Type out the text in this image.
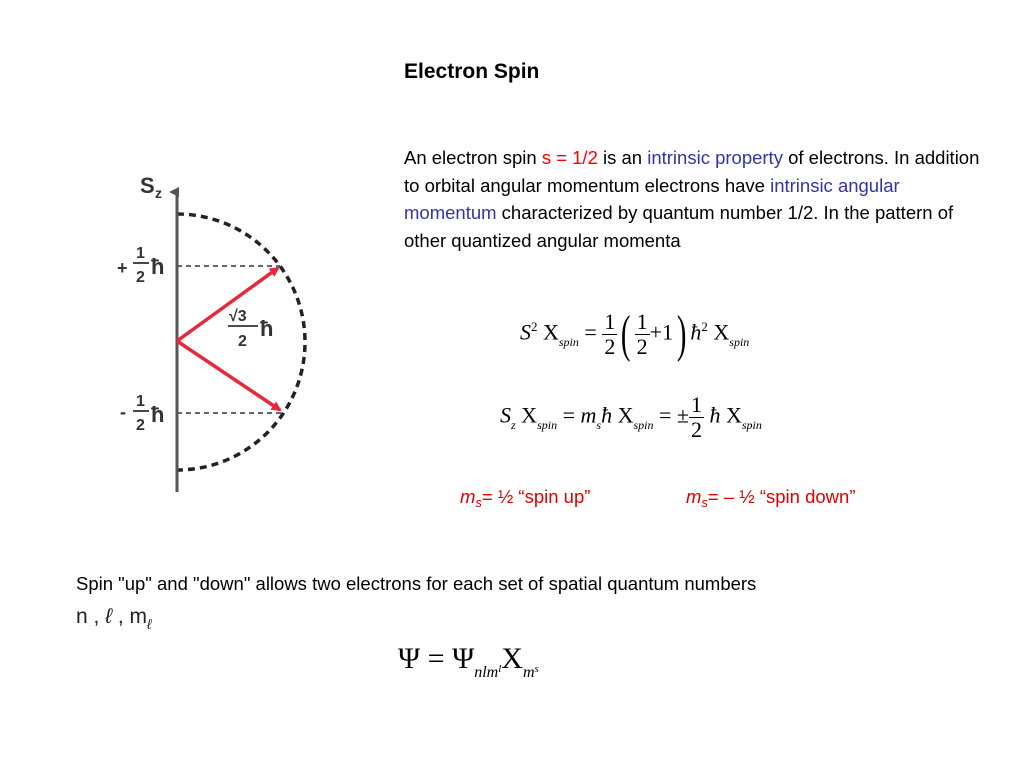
Electron Spin
An electron spin s = 1/2 is an intrinsic property of electrons. In addition to orbital angular momentum electrons have intrinsic angular momentum characterized by quantum number 1/2. In the pattern of other quantized angular momenta
$S^2$ $X_{spin} = \frac{1}{2}$ ( $\frac{1}{2} +1$) $ħ^2$ $X_{spin}$
$S_z$ $X_{spin}$ = $m_sħ$ $X_{spin}$ = ± $\frac{1}{2}$ ħ $X_{spin}$
$m_s=$ ½ “spin up”	$m_s=$ – ½ “spin down”
Spin "up" and "down" allows two electrons for each set of spatial quantum numbers
n , ℓ , $m_\ell$
$\Psi = \Psi_{nlm}lX_ms$
S z
+
1
2 ħ
-
1
2 ħ
√3
2
ħ
